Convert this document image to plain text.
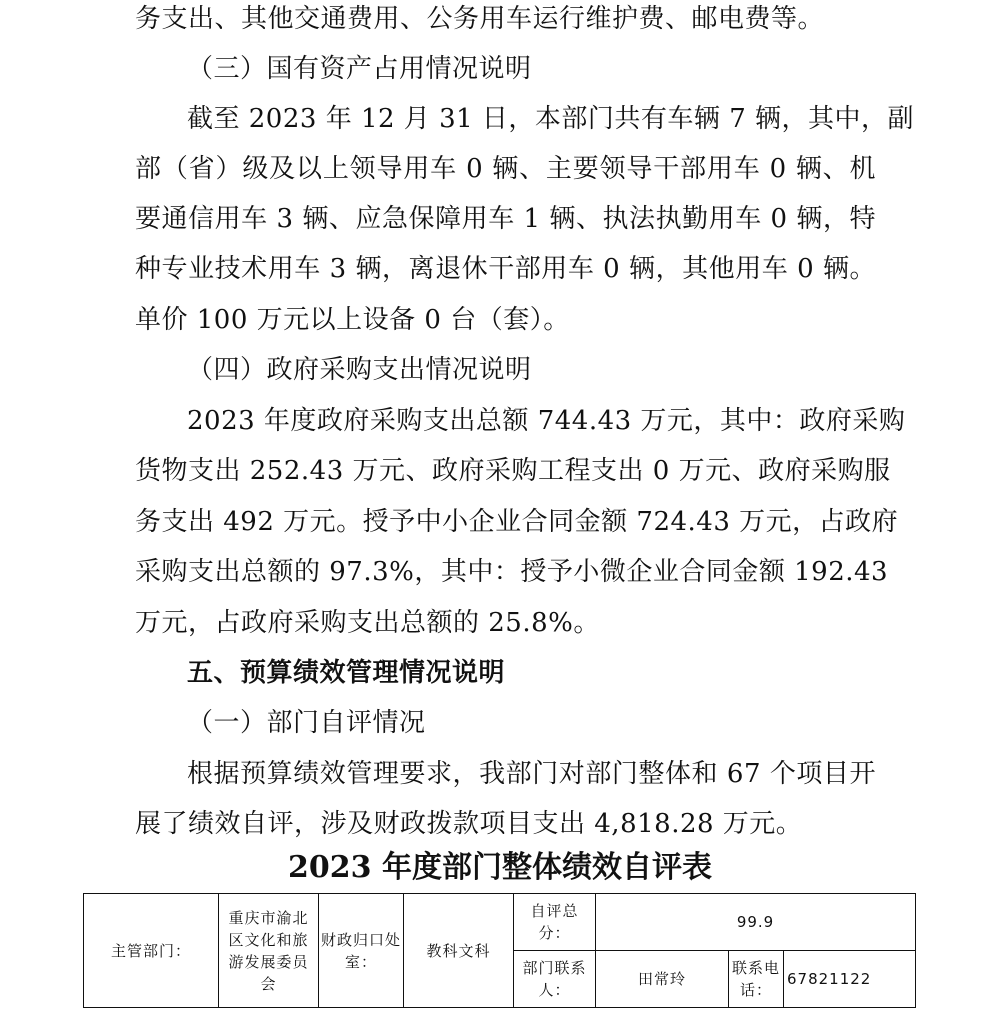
务支出、其他交通费用、公务用车运行维护费、邮电费等。

（三）国有资产占用情况说明

截至 2023 年 12 月 31 日，本部门共有车辆 7 辆，其中，副

部（省）级及以上领导用车 0 辆、主要领导干部用车 0 辆、机

要通信用车 3 辆、应急保障用车 1 辆、执法执勤用车 0 辆，特

种专业技术用车 3 辆，离退休干部用车 0 辆，其他用车 0 辆。

单价 100 万元以上设备 0 台（套）。

（四）政府采购支出情况说明

2023 年度政府采购支出总额 744.43 万元，其中：政府采购

货物支出 252.43 万元、政府采购工程支出 0 万元、政府采购服

务支出 492 万元。授予中小企业合同金额 724.43 万元，占政府

采购支出总额的 97.3%，其中：授予小微企业合同金额 192.43

万元，占政府采购支出总额的 25.8%。

五、预算绩效管理情况说明

（一）部门自评情况

根据预算绩效管理要求，我部门对部门整体和 67 个项目开

展了绩效自评，涉及财政拨款项目支出 4,818.28 万元。

2023 年度部门整体绩效自评表
主管部门：	重庆市渝北
区文化和旅
游发展委员
会	财政归口处室：	教科文科	自评总分：	99.9		
				部门联系人：	田常玲	联系电话：	67821122
